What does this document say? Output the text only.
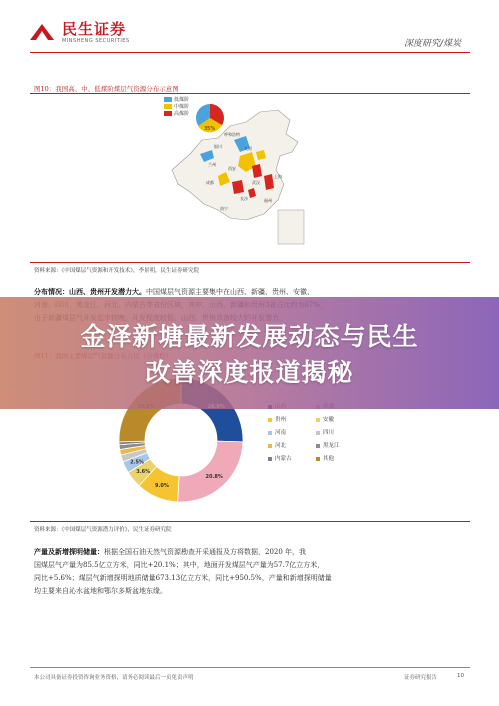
民生证券
MINSHENG SECURITIES	深度研究/煤炭
图10：我国高、中、低煤阶煤层气资源分布示意图
35%
呼和浩特
银川	太原
兰州
西安
武汉
成都
长沙
南宁
福州
上海
低煤阶
中煤阶
高煤阶
资料来源：《中国煤层气资源和开发技术》，李景明，民生证券研究院
分布情况：山西、贵州开发潜力大。中国煤层气资源主要集中在山西、新疆、贵州、安徽、

20.8%
9.0%
3.6%
2.5%
贵州	安徽
河南	四川
河北	黑龙江
内蒙古	其他
资料来源：《中国煤层气资源潜力评价》，民生证券研究院
产量及新增探明储量：根据全国石油天然气资源勘查开采通报及方将数据，2020 年，我
国煤层气产量为85.5亿立方米，同比+20.1%；其中，地面开发煤层气产量为57.7亿立方米，
同比+5.6%；煤层气新增探明地质储量673.13亿立方米，同比+950.5%，产量和新增探明储量
均主要来自沁水盆地和鄂尔多斯盆地东缘。
金泽新塘最新发展动态与民生
改善深度报道揭秘
本公司具备证券投资咨询业务资格，请务必阅读最后一页免责声明	证券研究报告	10
